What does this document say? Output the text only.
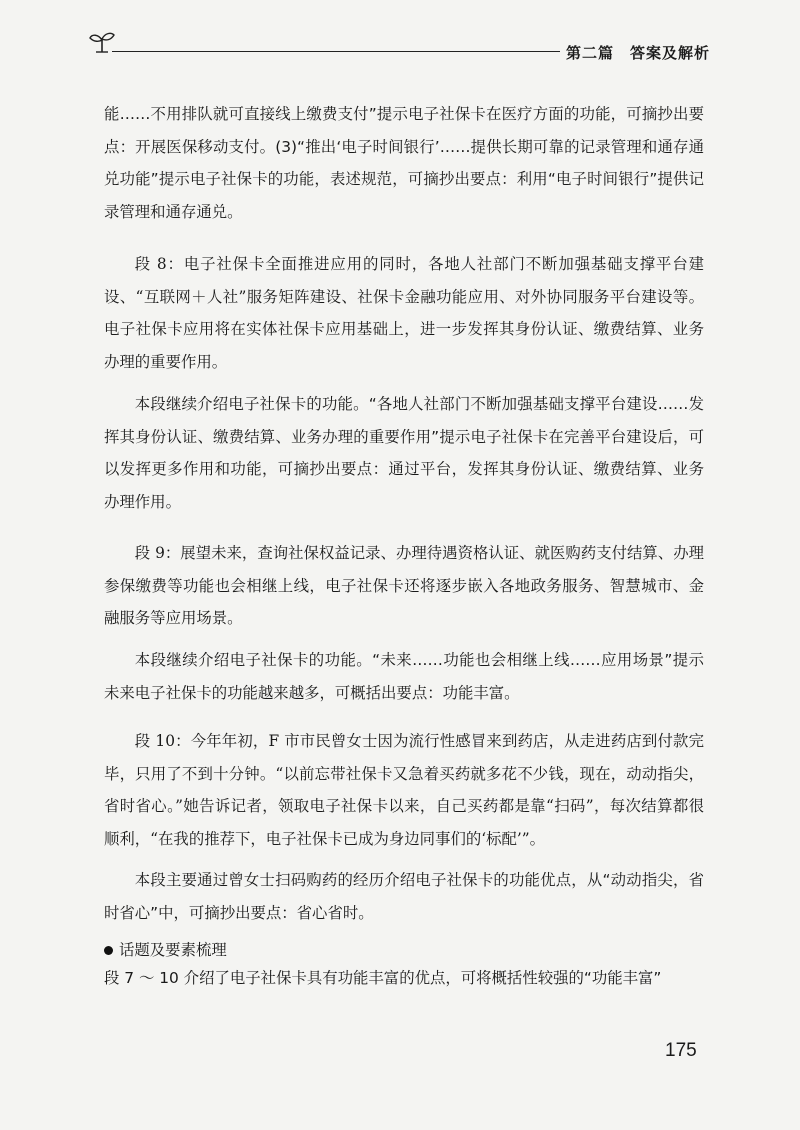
第二篇　答案及解析
能……不用排队就可直接线上缴费支付”提示电子社保卡在医疗方面的功能，可摘抄出要点：开展医保移动支付。(3)“推出‘电子时间银行’……提供长期可靠的记录管理和通存通兑功能”提示电子社保卡的功能，表述规范，可摘抄出要点：利用“电子时间银行”提供记录管理和通存通兑。
段 8：电子社保卡全面推进应用的同时，各地人社部门不断加强基础支撑平台建设、“互联网＋人社”服务矩阵建设、社保卡金融功能应用、对外协同服务平台建设等。电子社保卡应用将在实体社保卡应用基础上，进一步发挥其身份认证、缴费结算、业务办理的重要作用。
本段继续介绍电子社保卡的功能。“各地人社部门不断加强基础支撑平台建设……发挥其身份认证、缴费结算、业务办理的重要作用”提示电子社保卡在完善平台建设后，可以发挥更多作用和功能，可摘抄出要点：通过平台，发挥其身份认证、缴费结算、业务办理作用。
段 9：展望未来，查询社保权益记录、办理待遇资格认证、就医购药支付结算、办理参保缴费等功能也会相继上线，电子社保卡还将逐步嵌入各地政务服务、智慧城市、金融服务等应用场景。
本段继续介绍电子社保卡的功能。“未来……功能也会相继上线……应用场景”提示未来电子社保卡的功能越来越多，可概括出要点：功能丰富。
段 10：今年年初，F 市市民曾女士因为流行性感冒来到药店，从走进药店到付款完毕，只用了不到十分钟。“以前忘带社保卡又急着买药就多花不少钱，现在，动动指尖，省时省心。”她告诉记者，领取电子社保卡以来，自己买药都是靠“扫码”，每次结算都很顺利，“在我的推荐下，电子社保卡已成为身边同事们的‘标配’”。
本段主要通过曾女士扫码购药的经历介绍电子社保卡的功能优点，从“动动指尖，省时省心”中，可摘抄出要点：省心省时。
话题及要素梳理
段 7 ～ 10 介绍了电子社保卡具有功能丰富的优点，可将概括性较强的“功能丰富”
175
